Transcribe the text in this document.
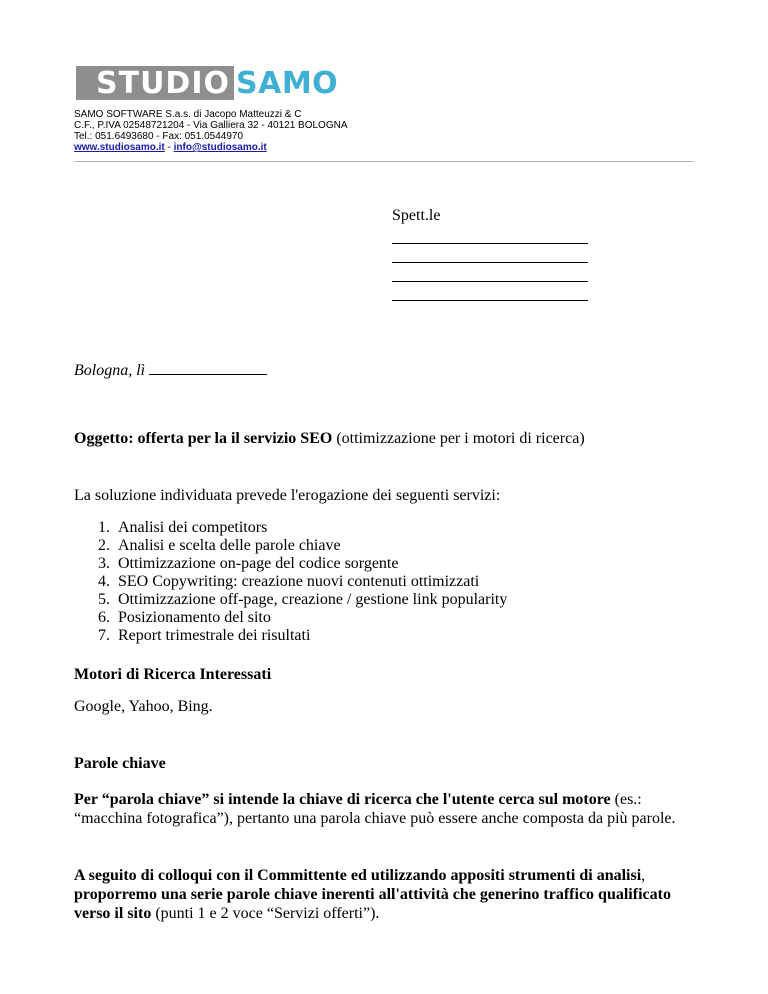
STUDIO SAMO
SAMO SOFTWARE S.a.s. di Jacopo Matteuzzi & C
C.F., P.IVA 02548721204 - Via Galliera 32 - 40121 BOLOGNA
Tel.: 051.6493680 - Fax: 051.0544970
www.studiosamo.it - info@studiosamo.it
Spett.le
Bologna, lì
Oggetto: offerta per la il servizio SEO (ottimizzazione per i motori di ricerca)
La soluzione individuata prevede l'erogazione dei seguenti servizi:
1. Analisi dei competitors
2. Analisi e scelta delle parole chiave
3. Ottimizzazione on-page del codice sorgente
4. SEO Copywriting: creazione nuovi contenuti ottimizzati
5. Ottimizzazione off-page, creazione / gestione link popularity
6. Posizionamento del sito
7. Report trimestrale dei risultati
Motori di Ricerca Interessati
Google, Yahoo, Bing.
Parole chiave
Per “parola chiave” si intende la chiave di ricerca che l'utente cerca sul motore (es.: “macchina fotografica”), pertanto una parola chiave può essere anche composta da più parole.
A seguito di colloqui con il Committente ed utilizzando appositi strumenti di analisi, proporremo una serie parole chiave inerenti all'attività che generino traffico qualificato verso il sito (punti 1 e 2 voce “Servizi offerti”).
